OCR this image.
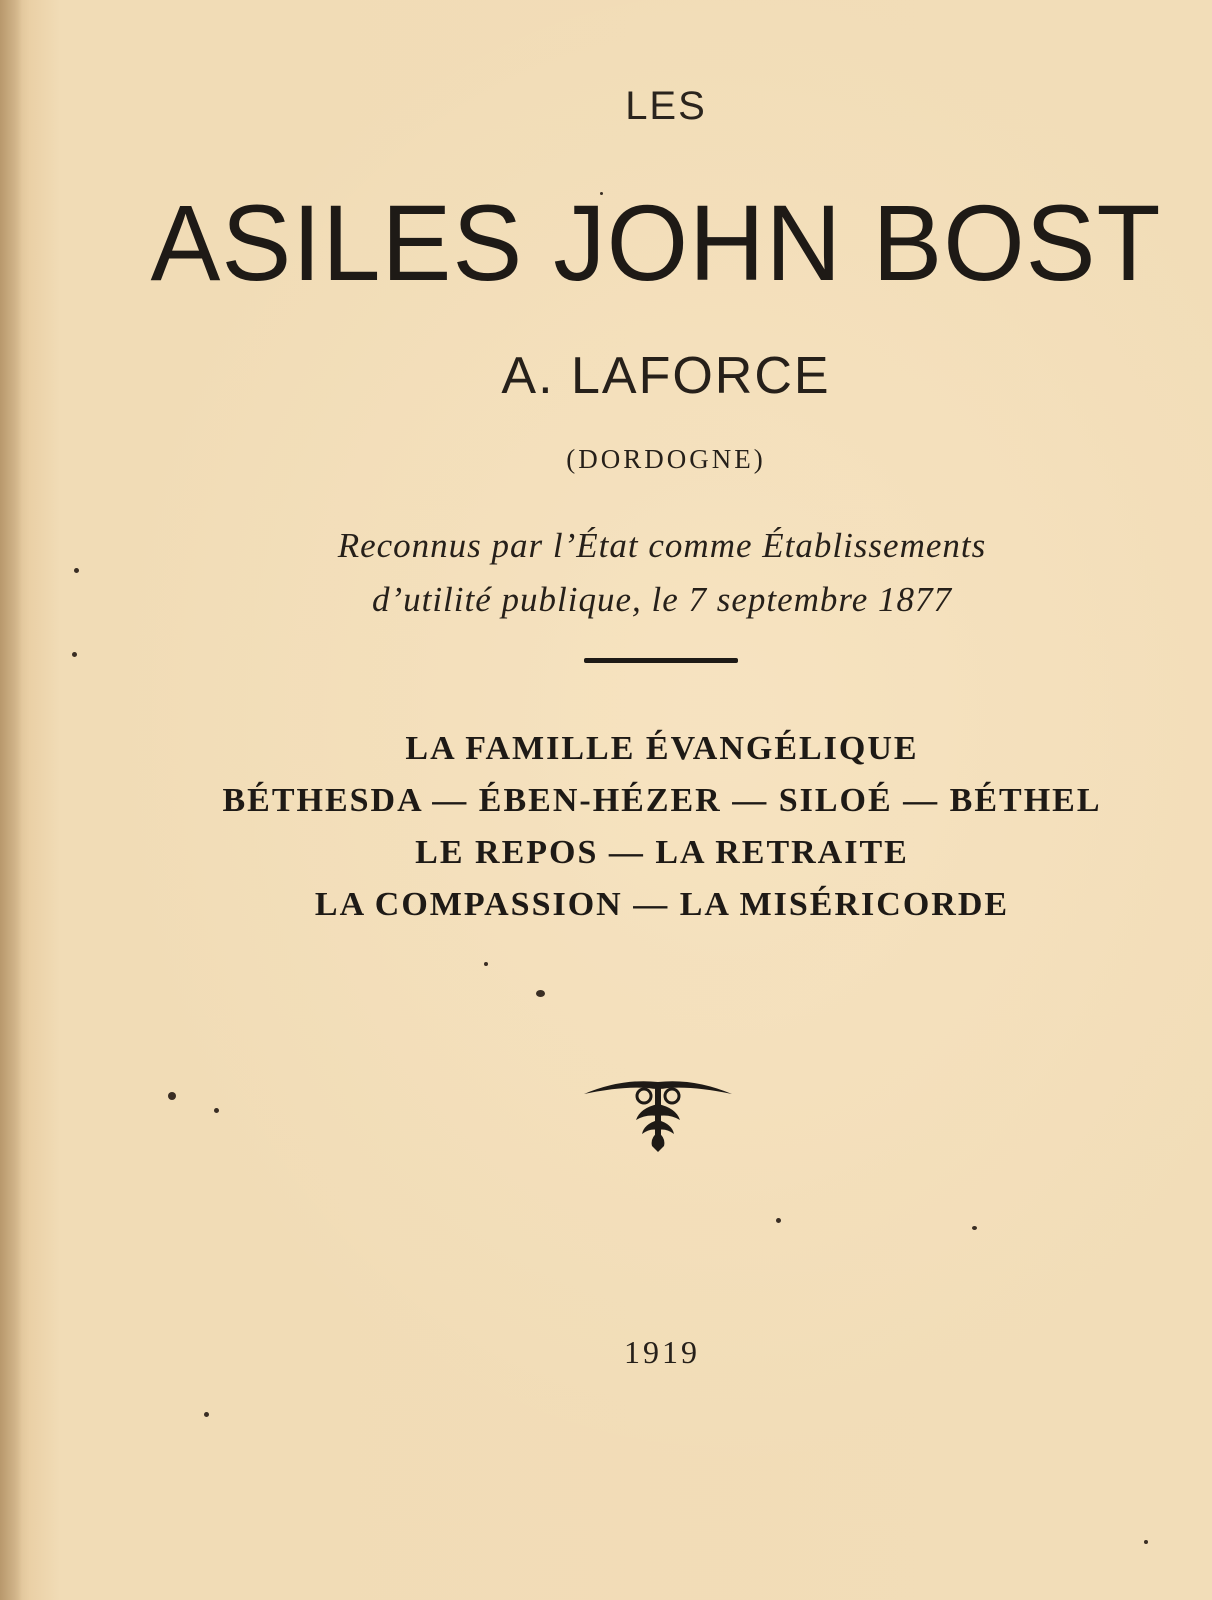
LES
ASILES JOHN BOST
A. LAFORCE
(DORDOGNE)
Reconnus par l’État comme Établissements
d’utilité publique, le 7 septembre 1877
LA FAMILLE ÉVANGÉLIQUE
BÉTHESDA — ÉBEN-HÉZER — SILOÉ — BÉTHEL
LE REPOS — LA RETRAITE
LA COMPASSION — LA MISÉRICORDE
1919
